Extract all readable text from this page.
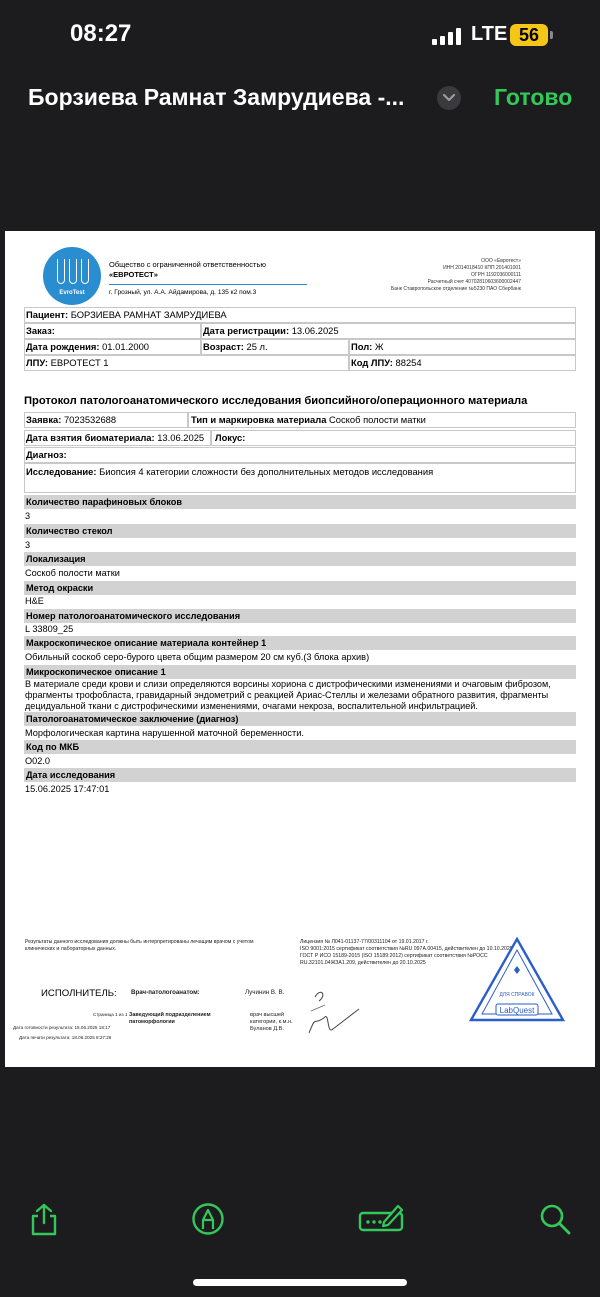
08:27	LTE 56
Борзиева Рамнат Замрудиева -...	Готово
EvroTest
Общество с ограниченной ответственностью
«ЕВРОТЕСТ»
г. Грозный, ул. А.А. Айдамирова, д. 135 к2 пом.3
ООО «Евротест»
ИНН 2014018410 КПП 201401001
ОГРН 1192036000111
Расчетный счет 40702810603600002447
Банк Ставропольское отделение №5230 ПАО Сбербанк
Пациент: БОРЗИЕВА РАМНАТ ЗАМРУДИЕВА
Заказ:	Дата регистрации: 13.06.2025
Дата рождения: 01.01.2000	Возраст: 25 л.	Пол: Ж
ЛПУ: ЕВРОТЕСТ 1	Код ЛПУ: 88254
Протокол патологоанатомического исследования биопсийного/операционного материала
Заявка: 7023532688	Тип и маркировка материала Соскоб полости матки
Дата взятия биоматериала: 13.06.2025 Локус:
Диагноз:
Исследование: Биопсия 4 категории сложности без дополнительных методов исследования
Количество парафиновых блоков
3
Количество стекол
3
Локализация
Соскоб полости матки
Метод окраски
H&E
Номер патологоанатомического исследования
L 33809_25
Макроскопическое описание материала контейнер 1
Обильный соскоб серо-бурого цвета общим размером 20 см куб.(3 блока архив)
Микроскопическое описание 1
В материале среди крови и слизи определяются ворсины хориона с дистрофическими изменениями и очаговым фиброзом, фрагменты трофобласта, гравидарный эндометрий с реакцией Ариас-Стеллы и железами обратного развития, фрагменты децидуальной ткани с дистрофическими изменениями, очагами некроза, воспалительной инфильтрацией.
Патологоанатомическое заключение (диагноз)
Морфологическая картина нарушенной маточной беременности.
Код по МКБ
O02.0
Дата исследования
15.06.2025 17:47:01
Результаты данного исследования должны быть интерпретированы лечащим врачом с учетом
клинических и лабораторных данных.
Лицензия № Л041-01137-77/00311104 от 19.01.2017 г.
ISO 9001:2015 сертификат соответствия №RU 097А.00415, действителен до 10.10.2025
ГОСТ Р ИСО 15189-2015 (ISO 15189:2012) сертификат соответствия №РОСС
RU.32101.04ЖЗА1.209, действителен до 20.10.2025
ИСПОЛНИТЕЛЬ: Врач-патологоанатом:	Лучинин В. В.
Страница 1 из 1
Дата готовности результата: 15.06.2025 18:17
Дата печати результата: 18.06.2025 8:27:26
Заведующий подразделением
патоморфологии
врач высшей
категории, к.м.н.
Буланов Д.В.
LabQuest
ДЛЯ СПРАВОК
